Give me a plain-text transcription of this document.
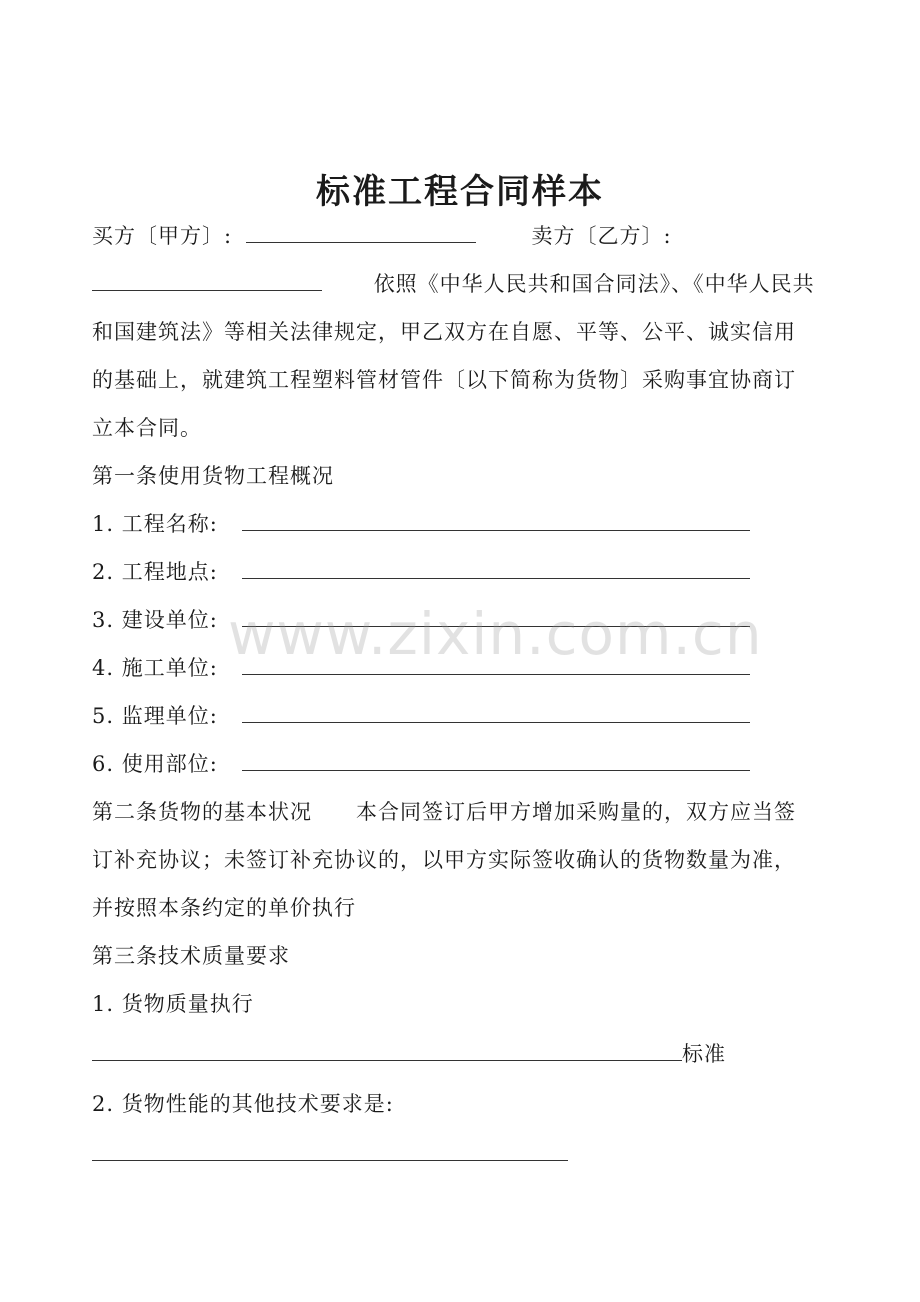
标准工程合同样本
买方〔甲方〕:	卖方〔乙方〕:
依照《中华人民共和国合同法》、《中华人民共
和国建筑法》等相关法律规定，甲乙双方在自愿、平等、公平、诚实信用
的基础上，就建筑工程塑料管材管件〔以下简称为货物〕采购事宜协商订
立本合同。
第一条使用货物工程概况
1. 工程名称:
2. 工程地点:
3. 建设单位:
4. 施工单位:
5. 监理单位:
6. 使用部位:
第二条货物的基本状况　　本合同签订后甲方增加采购量的，双方应当签
订补充协议；未签订补充协议的，以甲方实际签收确认的货物数量为准，
并按照本条约定的单价执行
第三条技术质量要求
1. 货物质量执行
标准
2. 货物性能的其他技术要求是:
www.zixin.com.cn
